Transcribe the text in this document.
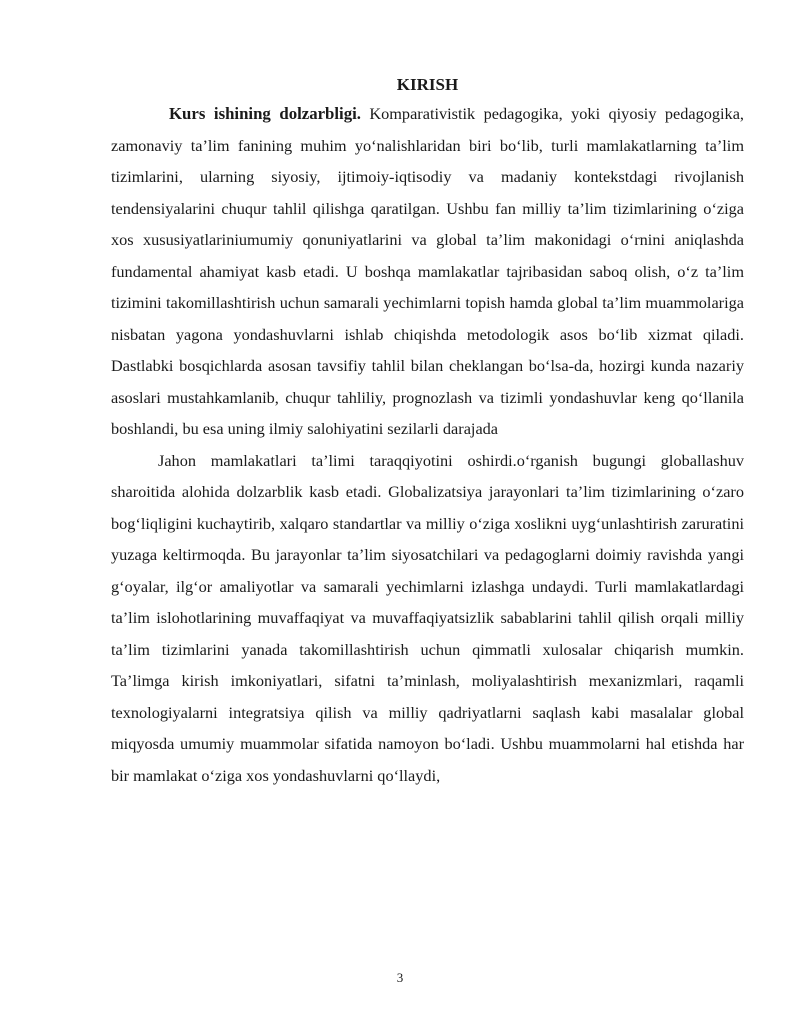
KIRISH

Kurs ishining dolzarbligi. Komparativistik pedagogika, yoki qiyosiy pedagogika, zamonaviy ta’lim fanining muhim yo‘nalishlaridan biri bo‘lib, turli mamlakatlarning ta’lim tizimlarini, ularning siyosiy, ijtimoiy-iqtisodiy va madaniy kontekstdagi rivojlanish tendensiyalarini chuqur tahlil qilishga qaratilgan. Ushbu fan milliy ta’lim tizimlarining o‘ziga xos xususiyatlariniumumiy qonuniyatlarini va global ta’lim makonidagi o‘rnini aniqlashda fundamental ahamiyat kasb etadi. U boshqa mamlakatlar tajribasidan saboq olish, o‘z ta’lim tizimini takomillashtirish uchun samarali yechimlarni topish hamda global ta’lim muammolariga nisbatan yagona yondashuvlarni ishlab chiqishda metodologik asos bo‘lib xizmat qiladi. Dastlabki bosqichlarda asosan tavsifiy tahlil bilan cheklangan bo‘lsa-da, hozirgi kunda nazariy asoslari mustahkamlanib, chuqur tahliliy, prognozlash va tizimli yondashuvlar keng qo‘llanila boshlandi, bu esa uning ilmiy salohiyatini sezilarli darajada

Jahon mamlakatlari ta’limi taraqqiyotini oshirdi.o‘rganish bugungi globallashuv sharoitida alohida dolzarblik kasb etadi. Globalizatsiya jarayonlari ta’lim tizimlarining o‘zaro bog‘liqligini kuchaytirib, xalqaro standartlar va milliy o‘ziga xoslikni uyg‘unlashtirish zaruratini yuzaga keltirmoqda. Bu jarayonlar ta’lim siyosatchilari va pedagoglarni doimiy ravishda yangi g‘oyalar, ilg‘or amaliyotlar va samarali yechimlarni izlashga undaydi. Turli mamlakatlardagi ta’lim islohotlarining muvaffaqiyat va muvaffaqiyatsizlik sabablarini tahlil qilish orqali milliy ta’lim tizimlarini yanada takomillashtirish uchun qimmatli xulosalar chiqarish mumkin. Ta’limga kirish imkoniyatlari, sifatni ta’minlash, moliyalashtirish mexanizmlari, raqamli texnologiyalarni integratsiya qilish va milliy qadriyatlarni saqlash kabi masalalar global miqyosda umumiy muammolar sifatida namoyon bo‘ladi. Ushbu muammolarni hal etishda har bir mamlakat o‘ziga xos yondashuvlarni qo‘llaydi,

3
